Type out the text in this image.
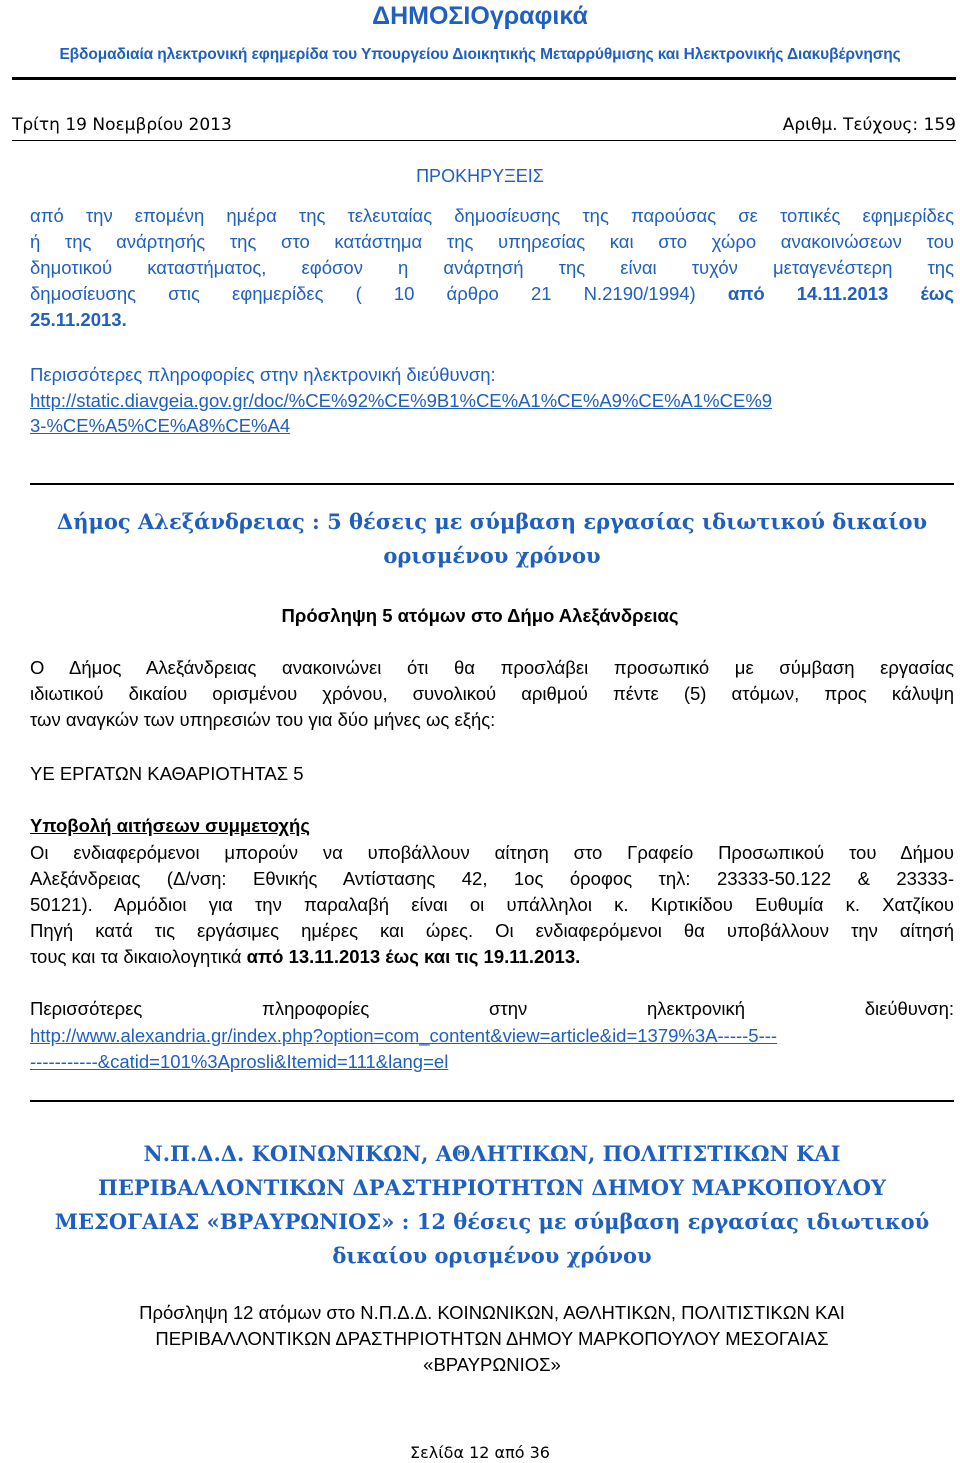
ΔΗΜΟΣΙΟγραφικά
Εβδομαδιαία ηλεκτρονική εφημερίδα του Υπουργείου Διοικητικής Μεταρρύθμισης και Ηλεκτρονικής Διακυβέρνησης
Τρίτη 19 Νοεμβρίου 2013	Αριθμ. Τεύχους: 159
ΠΡΟΚΗΡΥΞΕΙΣ
από την επομένη ημέρα της τελευταίας δημοσίευσης της παρούσας σε τοπικές εφημερίδες
ή της ανάρτησής της στο κατάστημα της υπηρεσίας και στο χώρο ανακοινώσεων του
δημοτικού καταστήματος, εφόσον η ανάρτησή της είναι τυχόν μεταγενέστερη της
δημοσίευσης στις εφημερίδες ( 10 άρθρο 21 Ν.2190/1994) από 14.11.2013 έως
25.11.2013.
Περισσότερες πληροφορίες στην ηλεκτρονική διεύθυνση:
http://static.diavgeia.gov.gr/doc/%CE%92%CE%9B1%CE%A1%CE%A9%CE%A1%CE%9
3-%CE%A5%CE%A8%CE%A4
Δήμος Αλεξάνδρειας : 5 θέσεις με σύμβαση εργασίας ιδιωτικού δικαίου
ορισμένου χρόνου
Πρόσληψη 5 ατόμων στο Δήμο Αλεξάνδρειας
Ο Δήμος Αλεξάνδρειας ανακοινώνει ότι θα προσλάβει προσωπικό με σύμβαση εργασίας
ιδιωτικού δικαίου ορισμένου χρόνου, συνολικού αριθμού πέντε (5) ατόμων, προς κάλυψη
των αναγκών των υπηρεσιών του για δύο μήνες ως εξής:
ΥΕ ΕΡΓΑΤΩΝ ΚΑΘΑΡΙΟΤΗΤΑΣ 5
Υποβολή αιτήσεων συμμετοχής
Οι ενδιαφερόμενοι μπορούν να υποβάλλουν αίτηση στο Γραφείο Προσωπικού του Δήμου
Αλεξάνδρειας (Δ/νση: Εθνικής Αντίστασης 42, 1ος όροφος τηλ: 23333-50.122 & 23333-
50121). Αρμόδιοι για την παραλαβή είναι οι υπάλληλοι κ. Κιρτικίδου Ευθυμία κ. Χατζίκου
Πηγή κατά τις εργάσιμες ημέρες και ώρες. Οι ενδιαφερόμενοι θα υποβάλλουν την αίτησή
τους και τα δικαιολογητικά από 13.11.2013 έως και τις 19.11.2013.
Περισσότερες πληροφορίες στην ηλεκτρονική διεύθυνση:
http://www.alexandria.gr/index.php?option=com_content&view=article&id=1379%3A-----5---
-----------&catid=101%3Aprosli&Itemid=111&lang=el
Ν.Π.Δ.Δ. ΚΟΙΝΩΝΙΚΩΝ, ΑΘΛΗΤΙΚΩΝ, ΠΟΛΙΤΙΣΤΙΚΩΝ ΚΑΙ
ΠΕΡΙΒΑΛΛΟΝΤΙΚΩΝ ΔΡΑΣΤΗΡΙΟΤΗΤΩΝ ΔΗΜΟΥ ΜΑΡΚΟΠΟΥΛΟΥ
ΜΕΣΟΓΑΙΑΣ «ΒΡΑΥΡΩΝΙΟΣ» : 12 θέσεις με σύμβαση εργασίας ιδιωτικού
δικαίου ορισμένου χρόνου
Πρόσληψη 12 ατόμων στο Ν.Π.Δ.Δ. ΚΟΙΝΩΝΙΚΩΝ, ΑΘΛΗΤΙΚΩΝ, ΠΟΛΙΤΙΣΤΙΚΩΝ ΚΑΙ
ΠΕΡΙΒΑΛΛΟΝΤΙΚΩΝ ΔΡΑΣΤΗΡΙΟΤΗΤΩΝ ΔΗΜΟΥ ΜΑΡΚΟΠΟΥΛΟΥ ΜΕΣΟΓΑΙΑΣ
«ΒΡΑΥΡΩΝΙΟΣ»
Σελίδα 12 από 36
